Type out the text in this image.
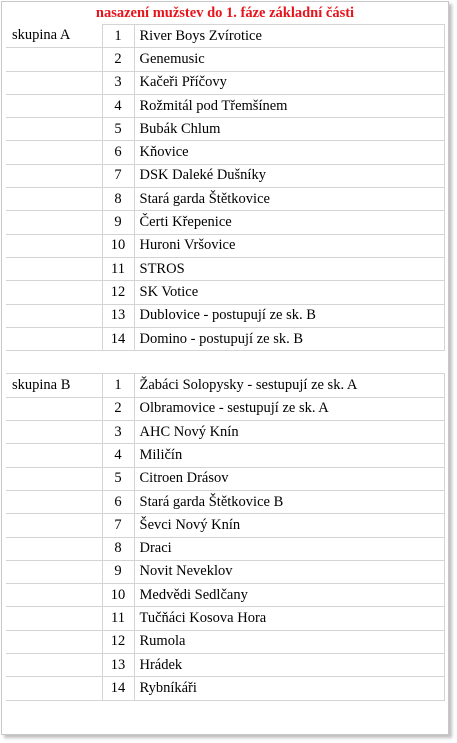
nasazení mužstev do 1. fáze základní části
skupina A	1	River Boys Zvírotice
	2	Genemusic
	3	Kačeři Příčovy
	4	Rožmitál pod Třemšínem
	5	Bubák Chlum
	6	Kňovice
	7	DSK Daleké Dušníky
	8	Stará garda Štětkovice
	9	Čerti Křepenice
	10	Huroni Vršovice
	11	STROS
	12	SK Votice
	13	Dublovice - postupují ze sk. B
	14	Domino - postupují ze sk. B

skupina B	1	Žabáci Solopysky - sestupují ze sk. A
	2	Olbramovice - sestupují ze sk. A
	3	AHC Nový Knín
	4	Miličín
	5	Citroen Drásov
	6	Stará garda Štětkovice B
	7	Ševci Nový Knín
	8	Draci
	9	Novit Neveklov
	10	Medvědi Sedlčany
	11	Tučňáci Kosova Hora
	12	Rumola
	13	Hrádek
	14	Rybníkáři
